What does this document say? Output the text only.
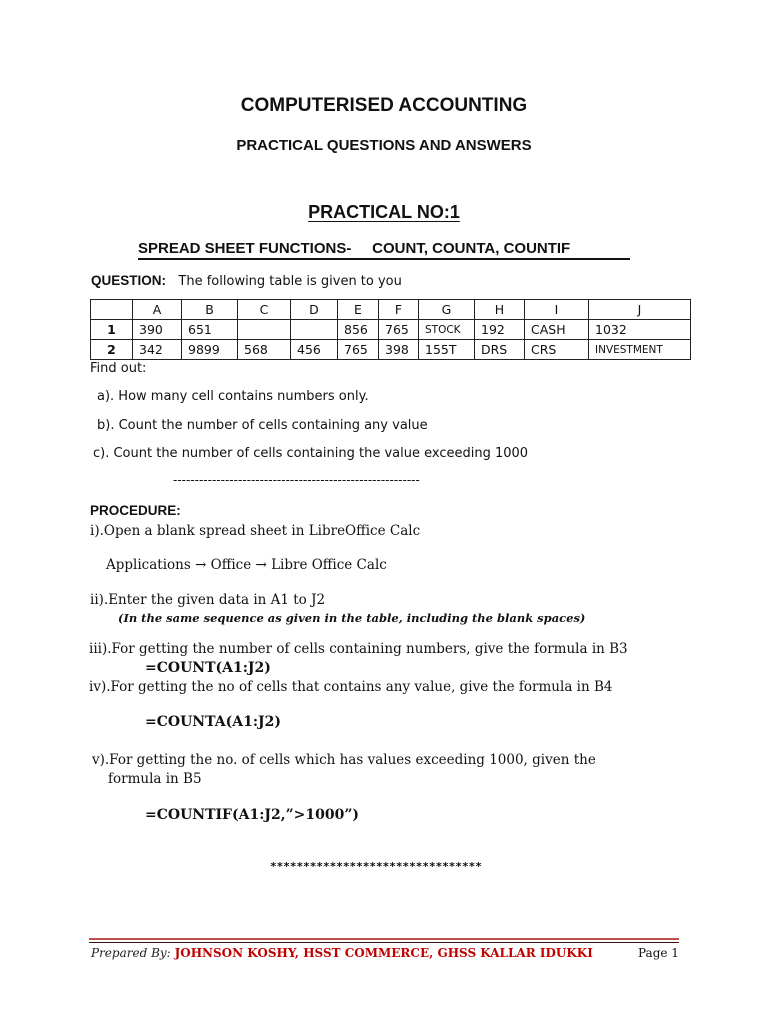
COMPUTERISED ACCOUNTING
PRACTICAL QUESTIONS AND ANSWERS
PRACTICAL NO:1
SPREAD SHEET FUNCTIONS-     COUNT, COUNTA, COUNTIF
QUESTION: The following table is given to you
	A	B	C	D	E	F	G	H	I	J
1	390	651			856	765	STOCK	192	CASH	1032
2	342	9899	568	456	765	398	155T	DRS	CRS	INVESTMENT
Find out:
a). How many cell contains numbers only.
b). Count the number of cells containing any value
c). Count the number of cells containing the value exceeding 1000
---------------------------------------------------------
PROCEDURE:
i).Open a blank spread sheet in LibreOffice Calc
Applications → Office → Libre Office Calc
ii).Enter the given data in A1 to J2
(In the same sequence as given in the table, including the blank spaces)
iii).For getting the number of cells containing numbers, give the formula in B3
=COUNT(A1:J2)
iv).For getting the no of cells that contains any value, give the formula in B4
=COUNTA(A1:J2)
v).For getting the no. of cells which has values exceeding 1000, given the
formula in B5
=COUNTIF(A1:J2,”>1000”)
********************************
Prepared By: JOHNSON KOSHY, HSST COMMERCE, GHSS KALLAR IDUKKI	Page 1
